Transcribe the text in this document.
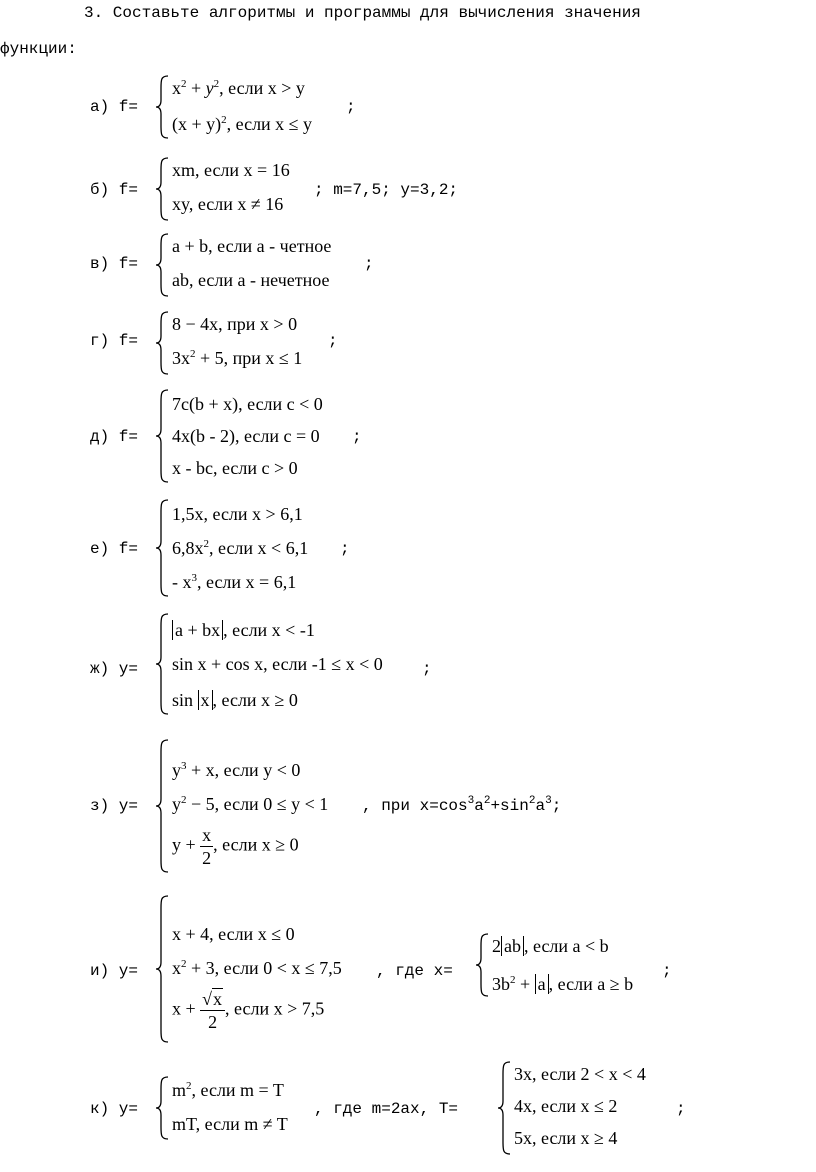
3. Составьте алгоритмы и программы для вычисления значения
функции:
а) f=
$x^2 + y^2$, если x > y
$(x + y)^2$, если x ≤ y
;
б) f=
xm, если x = 16
xy, если x ≠ 16
; m=7,5; y=3,2;
в) f=
a + b, если a - четное
ab, если a - нечетное
;
г) f=
8 − 4x, при x > 0
$3x^2 + 5$, при x ≤ 1
;
д) f=
7c(b + x), если c < 0
4x(b - 2), если c = 0
x - bc, если c > 0
;
е) f=
1,5x, если x > 6,1
$6,8x^2$, если x < 6,1
- $x^3$, если x = 6,1
;
ж) y=
a + bx , если x < -1
sin x + cos x, если -1 ≤ x < 0
sin x , если x ≥ 0
;
з) y=
$y^3 + x$, если y < 0
$y^2 - 5$, если 0 ≤ y < 1
$y + \frac{x}{2}$ , если x ≥ 0
, при $x=\cos^3a^2+\sin^2a^3$;
и) y=
x + 4, если x ≤ 0
$x^2 + 3$, если 0 < x ≤ 7,5
$x + \frac{√x}{2}$ , если x > 7,5
, где x=
2 ab , если a < b
$3b^2 + a$ , если a ≥ b
;
к) y=
$m^2$, если m = T
mT, если m ≠ T
, где m=2ax, T=
3x, если 2 < x < 4
4x, если x ≤ 2
5x, если x ≥ 4
;
